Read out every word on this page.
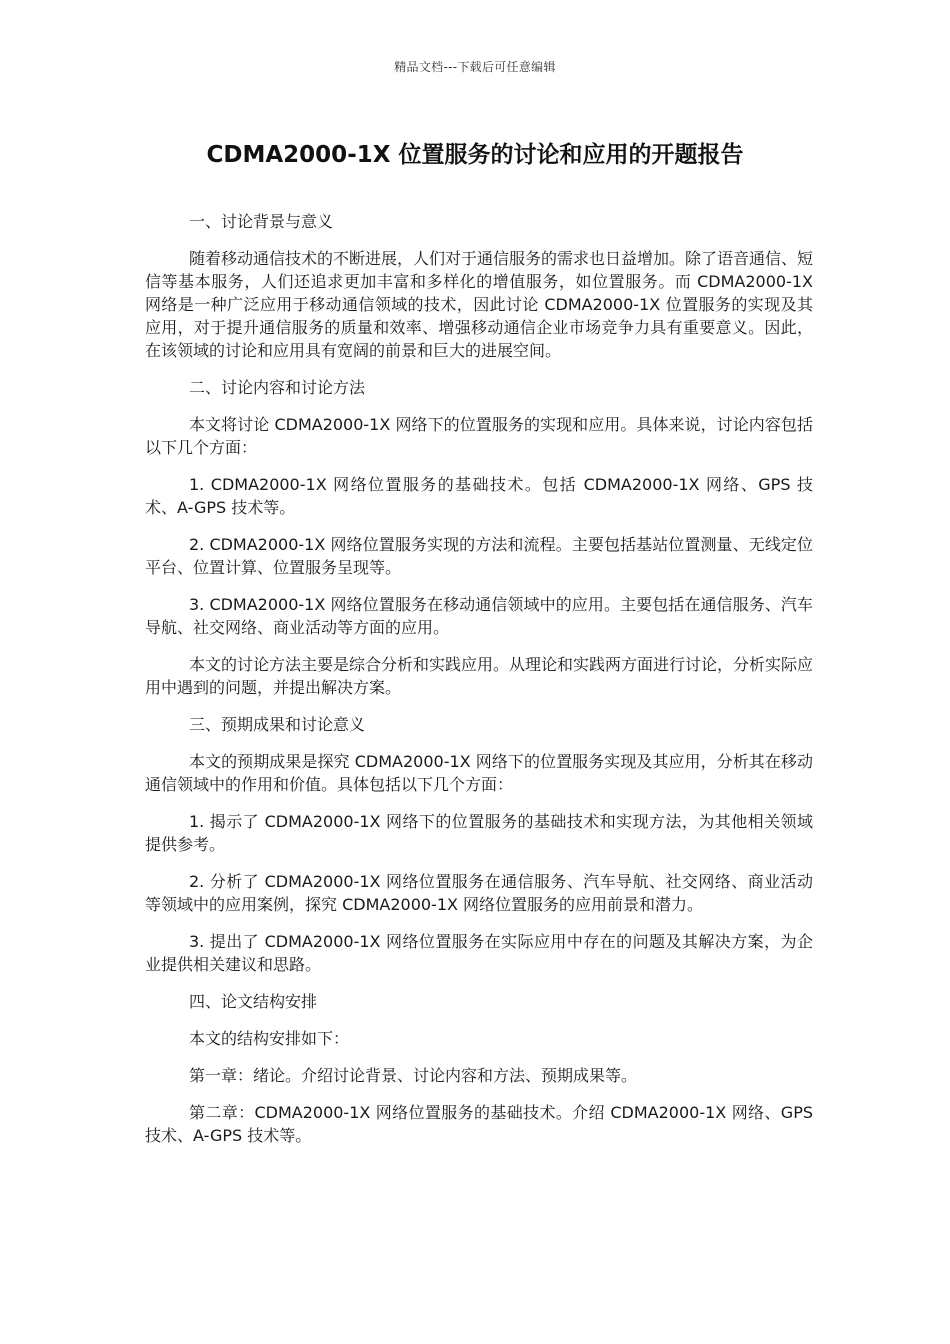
精品文档---下载后可任意编辑
CDMA2000-1X 位置服务的讨论和应用的开题报告

一、讨论背景与意义

随着移动通信技术的不断进展，人们对于通信服务的需求也日益增加。除了语音通信、短信等基本服务，人们还追求更加丰富和多样化的增值服务，如位置服务。而 CDMA2000-1X 网络是一种广泛应用于移动通信领域的技术，因此讨论 CDMA2000-1X 位置服务的实现及其应用，对于提升通信服务的质量和效率、增强移动通信企业市场竞争力具有重要意义。因此，在该领域的讨论和应用具有宽阔的前景和巨大的进展空间。

二、讨论内容和讨论方法

本文将讨论 CDMA2000-1X 网络下的位置服务的实现和应用。具体来说，讨论内容包括以下几个方面：

1. CDMA2000-1X 网络位置服务的基础技术。包括 CDMA2000-1X 网络、GPS 技术、A-GPS 技术等。

2. CDMA2000-1X 网络位置服务实现的方法和流程。主要包括基站位置测量、无线定位平台、位置计算、位置服务呈现等。

3. CDMA2000-1X 网络位置服务在移动通信领域中的应用。主要包括在通信服务、汽车导航、社交网络、商业活动等方面的应用。

本文的讨论方法主要是综合分析和实践应用。从理论和实践两方面进行讨论，分析实际应用中遇到的问题，并提出解决方案。

三、预期成果和讨论意义

本文的预期成果是探究 CDMA2000-1X 网络下的位置服务实现及其应用，分析其在移动通信领域中的作用和价值。具体包括以下几个方面：

1. 揭示了 CDMA2000-1X 网络下的位置服务的基础技术和实现方法，为其他相关领域提供参考。

2. 分析了 CDMA2000-1X 网络位置服务在通信服务、汽车导航、社交网络、商业活动等领域中的应用案例，探究 CDMA2000-1X 网络位置服务的应用前景和潜力。

3. 提出了 CDMA2000-1X 网络位置服务在实际应用中存在的问题及其解决方案，为企业提供相关建议和思路。

四、论文结构安排

本文的结构安排如下：

第一章：绪论。介绍讨论背景、讨论内容和方法、预期成果等。

第二章：CDMA2000-1X 网络位置服务的基础技术。介绍 CDMA2000-1X 网络、GPS 技术、A-GPS 技术等。
